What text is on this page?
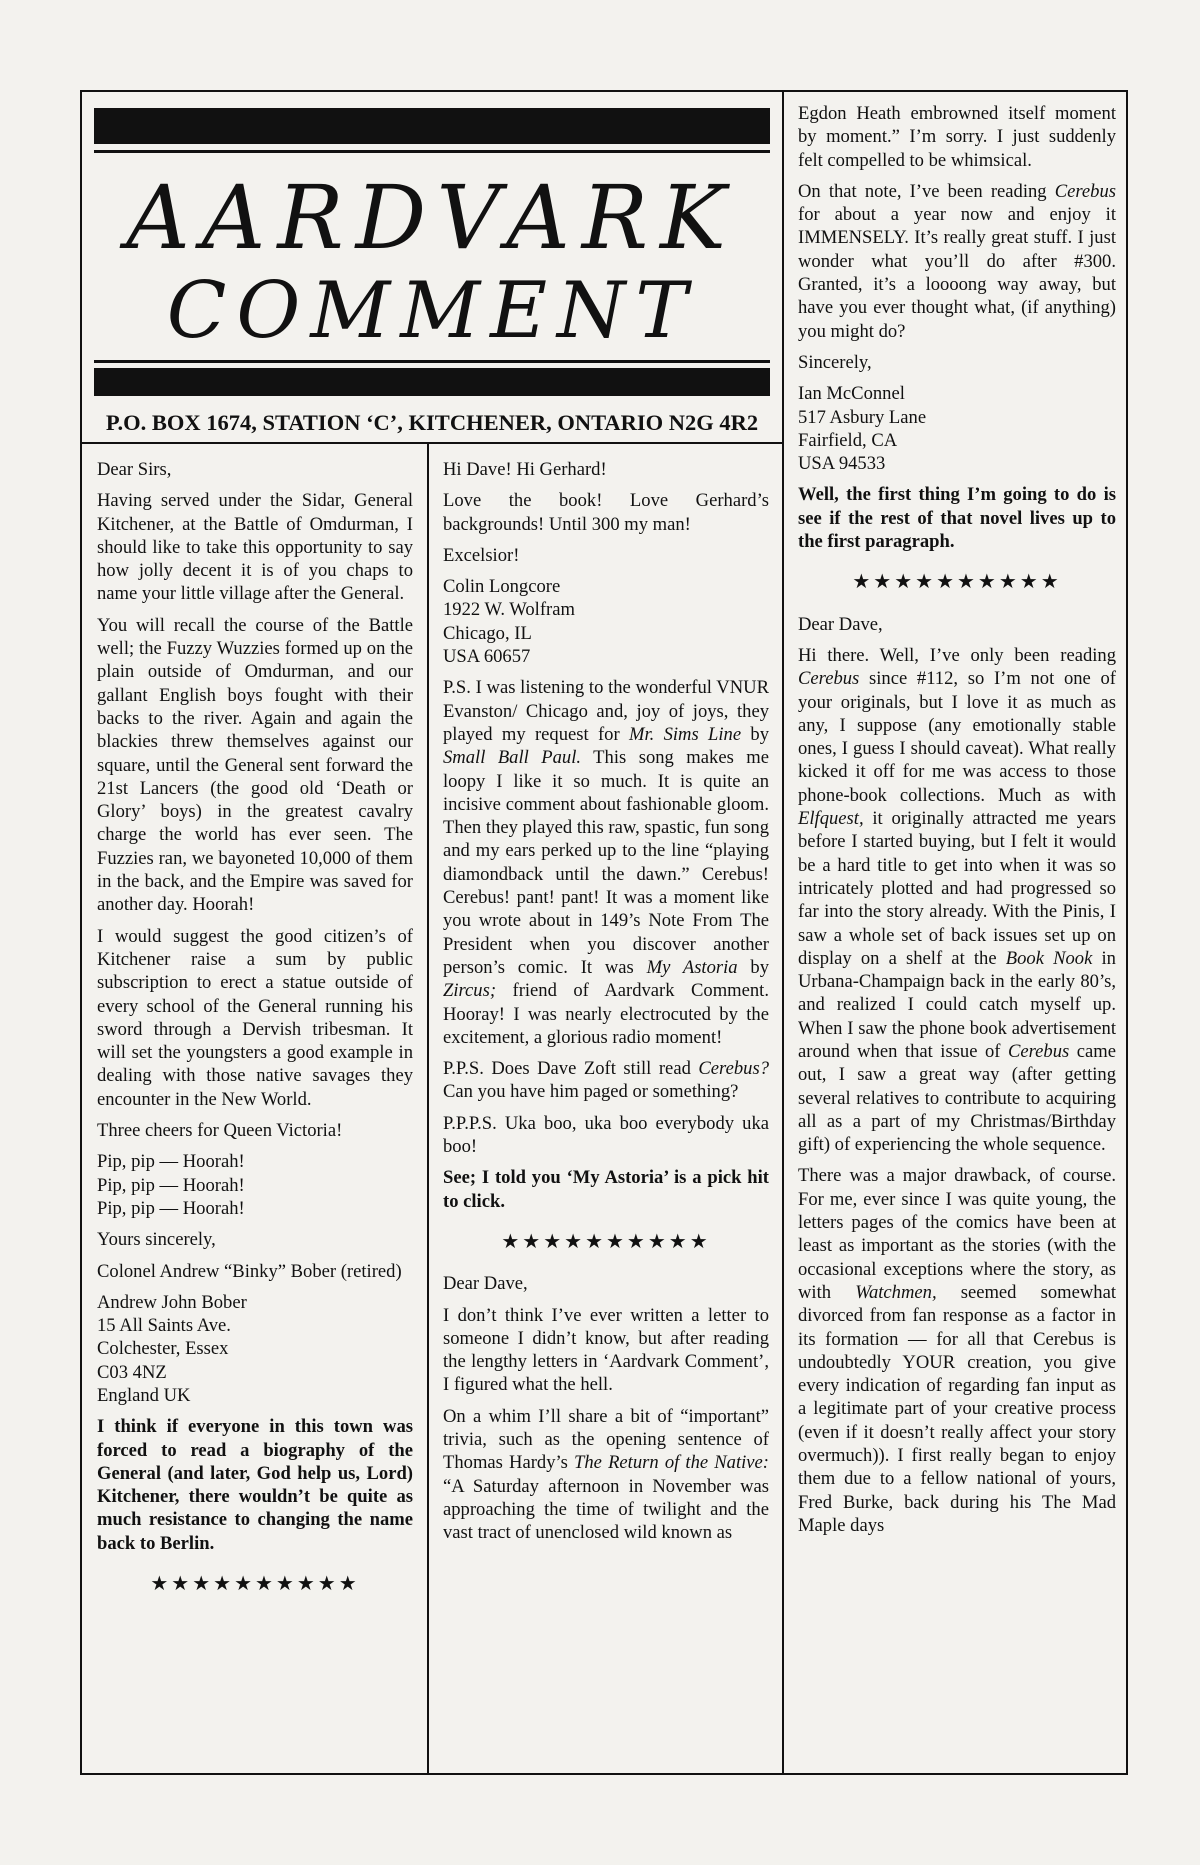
AARDVARK
COMMENT
P.O. BOX 1674, STATION ‘C’, KITCHENER, ONTARIO N2G 4R2

Dear Sirs,

Having served under the Sidar, General Kitchener, at the Battle of Omdurman, I should like to take this opportunity to say how jolly decent it is of you chaps to name your little village after the General.

You will recall the course of the Battle well; the Fuzzy Wuzzies formed up on the plain outside of Omdurman, and our gallant English boys fought with their backs to the river. Again and again the blackies threw themselves against our square, until the General sent forward the 21st Lancers (the good old ‘Death or Glory’ boys) in the greatest cavalry charge the world has ever seen. The Fuzzies ran, we bayoneted 10,000 of them in the back, and the Empire was saved for another day. Hoorah!

I would suggest the good citizen’s of Kitchener raise a sum by public subscription to erect a statue outside of every school of the General running his sword through a Dervish tribesman. It will set the youngsters a good example in dealing with those native savages they encounter in the New World.

Three cheers for Queen Victoria!

Pip, pip — Hoorah!
Pip, pip — Hoorah!
Pip, pip — Hoorah!

Yours sincerely,

Colonel Andrew “Binky” Bober (retired)

Andrew John Bober
15 All Saints Ave.
Colchester, Essex
C03 4NZ
England UK

I think if everyone in this town was forced to read a biography of the General (and later, God help us, Lord) Kitchener, there wouldn’t be quite as much resistance to changing the name back to Berlin.

★★★★★★★★★★

Hi Dave! Hi Gerhard!

Love the book! Love Gerhard’s backgrounds! Until 300 my man!

Excelsior!

Colin Longcore
1922 W. Wolfram
Chicago, IL
USA 60657

P.S. I was listening to the wonderful VNUR Evanston/ Chicago and, joy of joys, they played my request for Mr. Sims Line by Small Ball Paul. This song makes me loopy I like it so much. It is quite an incisive comment about fashionable gloom. Then they played this raw, spastic, fun song and my ears perked up to the line “playing diamondback until the dawn.” Cerebus! Cerebus! pant! pant! It was a moment like you wrote about in 149’s Note From The President when you discover another person’s comic. It was My Astoria by Zircus; friend of Aardvark Comment. Hooray! I was nearly electrocuted by the excitement, a glorious radio moment!

P.P.S. Does Dave Zoft still read Cerebus? Can you have him paged or something?

P.P.P.S. Uka boo, uka boo everybody uka boo!

See; I told you ‘My Astoria’ is a pick hit to click.

★★★★★★★★★★

Dear Dave,

I don’t think I’ve ever written a letter to someone I didn’t know, but after reading the lengthy letters in ‘Aardvark Comment’, I figured what the hell.

On a whim I’ll share a bit of “important” trivia, such as the opening sentence of Thomas Hardy’s The Return of the Native: “A Saturday afternoon in November was approaching the time of twilight and the vast tract of unenclosed wild known as

Egdon Heath embrowned itself moment by moment.” I’m sorry. I just suddenly felt compelled to be whimsical.

On that note, I’ve been reading Cerebus for about a year now and enjoy it IMMENSELY. It’s really great stuff. I just wonder what you’ll do after #300. Granted, it’s a loooong way away, but have you ever thought what, (if anything) you might do?

Sincerely,

Ian McConnel
517 Asbury Lane
Fairfield, CA
USA 94533

Well, the first thing I’m going to do is see if the rest of that novel lives up to the first paragraph.

★★★★★★★★★★

Dear Dave,

Hi there. Well, I’ve only been reading Cerebus since #112, so I’m not one of your originals, but I love it as much as any, I suppose (any emotionally stable ones, I guess I should caveat). What really kicked it off for me was access to those phone-book collections. Much as with Elfquest, it originally attracted me years before I started buying, but I felt it would be a hard title to get into when it was so intricately plotted and had progressed so far into the story already. With the Pinis, I saw a whole set of back issues set up on display on a shelf at the Book Nook in Urbana-Champaign back in the early 80’s, and realized I could catch myself up. When I saw the phone book advertisement around when that issue of Cerebus came out, I saw a great way (after getting several relatives to contribute to acquiring all as a part of my Christmas/Birthday gift) of experiencing the whole sequence.

There was a major drawback, of course. For me, ever since I was quite young, the letters pages of the comics have been at least as important as the stories (with the occasional exceptions where the story, as with Watchmen, seemed somewhat divorced from fan response as a factor in its formation — for all that Cerebus is undoubtedly YOUR creation, you give every indication of regarding fan input as a legitimate part of your creative process (even if it doesn’t really affect your story overmuch)). I first really began to enjoy them due to a fellow national of yours, Fred Burke, back during his The Mad Maple days
